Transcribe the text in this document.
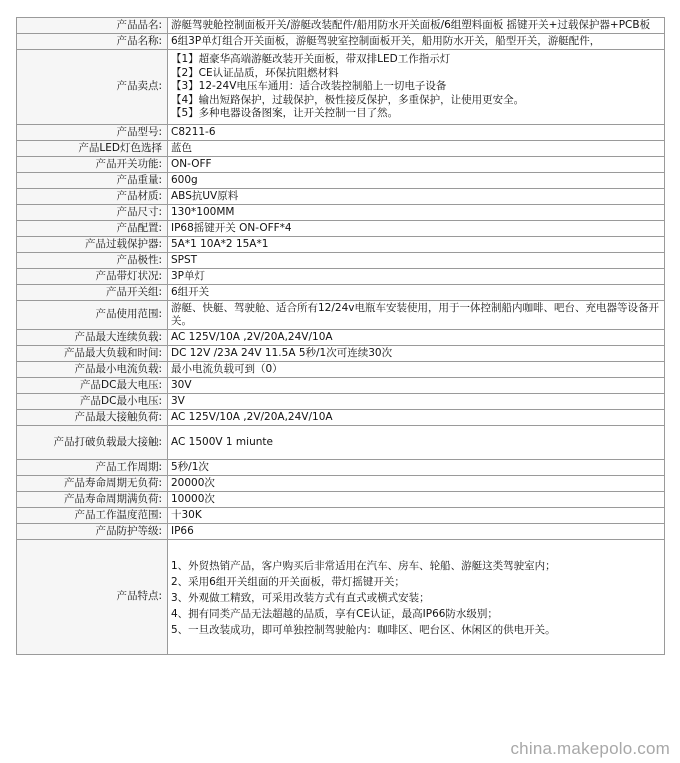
产品品名:	游艇驾驶舱控制面板开关/游艇改装配件/船用防水开关面板/6组塑料面板 摇键开关+过载保护器+PCB板

产品名称:	6组3P单灯组合开关面板，游艇驾驶室控制面板开关，船用防水开关，船型开关，游艇配件，

产品卖点:	【1】超豪华高端游艇改装开关面板，带双排LED工作指示灯
【2】CE认证品质，环保抗阻燃材料
【3】12-24V电压车通用：适合改装控制船上一切电子设备
【4】输出短路保护，过载保护，极性接反保护，多重保护，让使用更安全。
【5】多种电器设备图案，让开关控制一目了然。

产品型号:	C8211-6

产品LED灯色选择	蓝色

产品开关功能:	ON-OFF

产品重量:	600g

产品材质:	ABS抗UV原料

产品尺寸:	130*100MM

产品配置:	IP68摇键开关 ON-OFF*4

产品过载保护器:	5A*1 10A*2 15A*1

产品极性:	SPST

产品带灯状况:	3P单灯

产品开关组:	6组开关

产品使用范围:	游艇、快艇、驾驶舱、适合所有12/24v电瓶车安装使用，用于一体控制船内咖啡、吧台、充电器等设备开关。

产品最大连续负载:	AC 125V/10A ,2V/20A,24V/10A

产品最大负载和时间:	DC 12V /23A 24V 11.5A 5秒/1次可连续30次

产品最小电流负载:	最小电流负载可到（0）

产品DC最大电压:	30V

产品DC最小电压:	3V

产品最大接触负荷:	AC 125V/10A ,2V/20A,24V/10A

产品打破负载最大接触:	AC 1500V 1 miunte

产品工作周期:	5秒/1次

产品寿命周期无负荷:	20000次

产品寿命周期满负荷:	10000次

产品工作温度范围:	十30K

产品防护等级:	IP66

产品特点:	1、外贸热销产品，客户购买后非常适用在汽车、房车、轮船、游艇这类驾驶室内；
2、采用6组开关组面的开关面板，带灯摇键开关；
3、外观做工精致，可采用改装方式有直式或横式安装；
4、拥有同类产品无法超越的品质，享有CE认证，最高IP66防水级别；
5、一旦改装成功，即可单独控制驾驶舱内：咖啡区、吧台区、休闲区的供电开关。
china.makepolo.com
